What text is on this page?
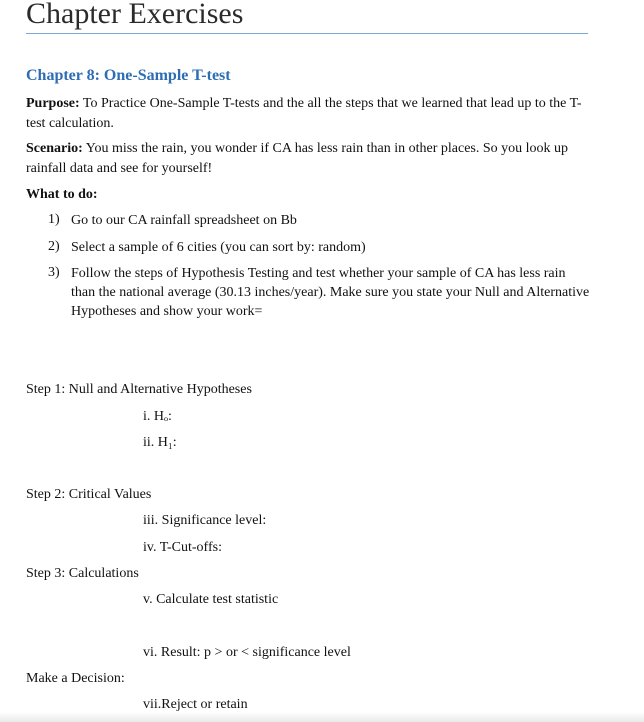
Chapter Exercises
Chapter 8: One-Sample T-test
Purpose: To Practice One-Sample T-tests and the all the steps that we learned that lead up to the T-test calculation.
Scenario: You miss the rain, you wonder if CA has less rain than in other places. So you look up rainfall data and see for yourself!
What to do:
1) Go to our CA rainfall spreadsheet on Bb
2) Select a sample of 6 cities (you can sort by: random)
3) Follow the steps of Hypothesis Testing and test whether your sample of CA has less rain than the national average (30.13 inches/year). Make sure you state your Null and Alternative Hypotheses and show your work=
Step 1: Null and Alternative Hypotheses
i. Hₒ:
ii. H₁:
Step 2: Critical Values
iii. Significance level:
iv. T-Cut-offs:
Step 3: Calculations
v. Calculate test statistic
vi. Result: p > or < significance level
Make a Decision:
vii.Reject or retain
